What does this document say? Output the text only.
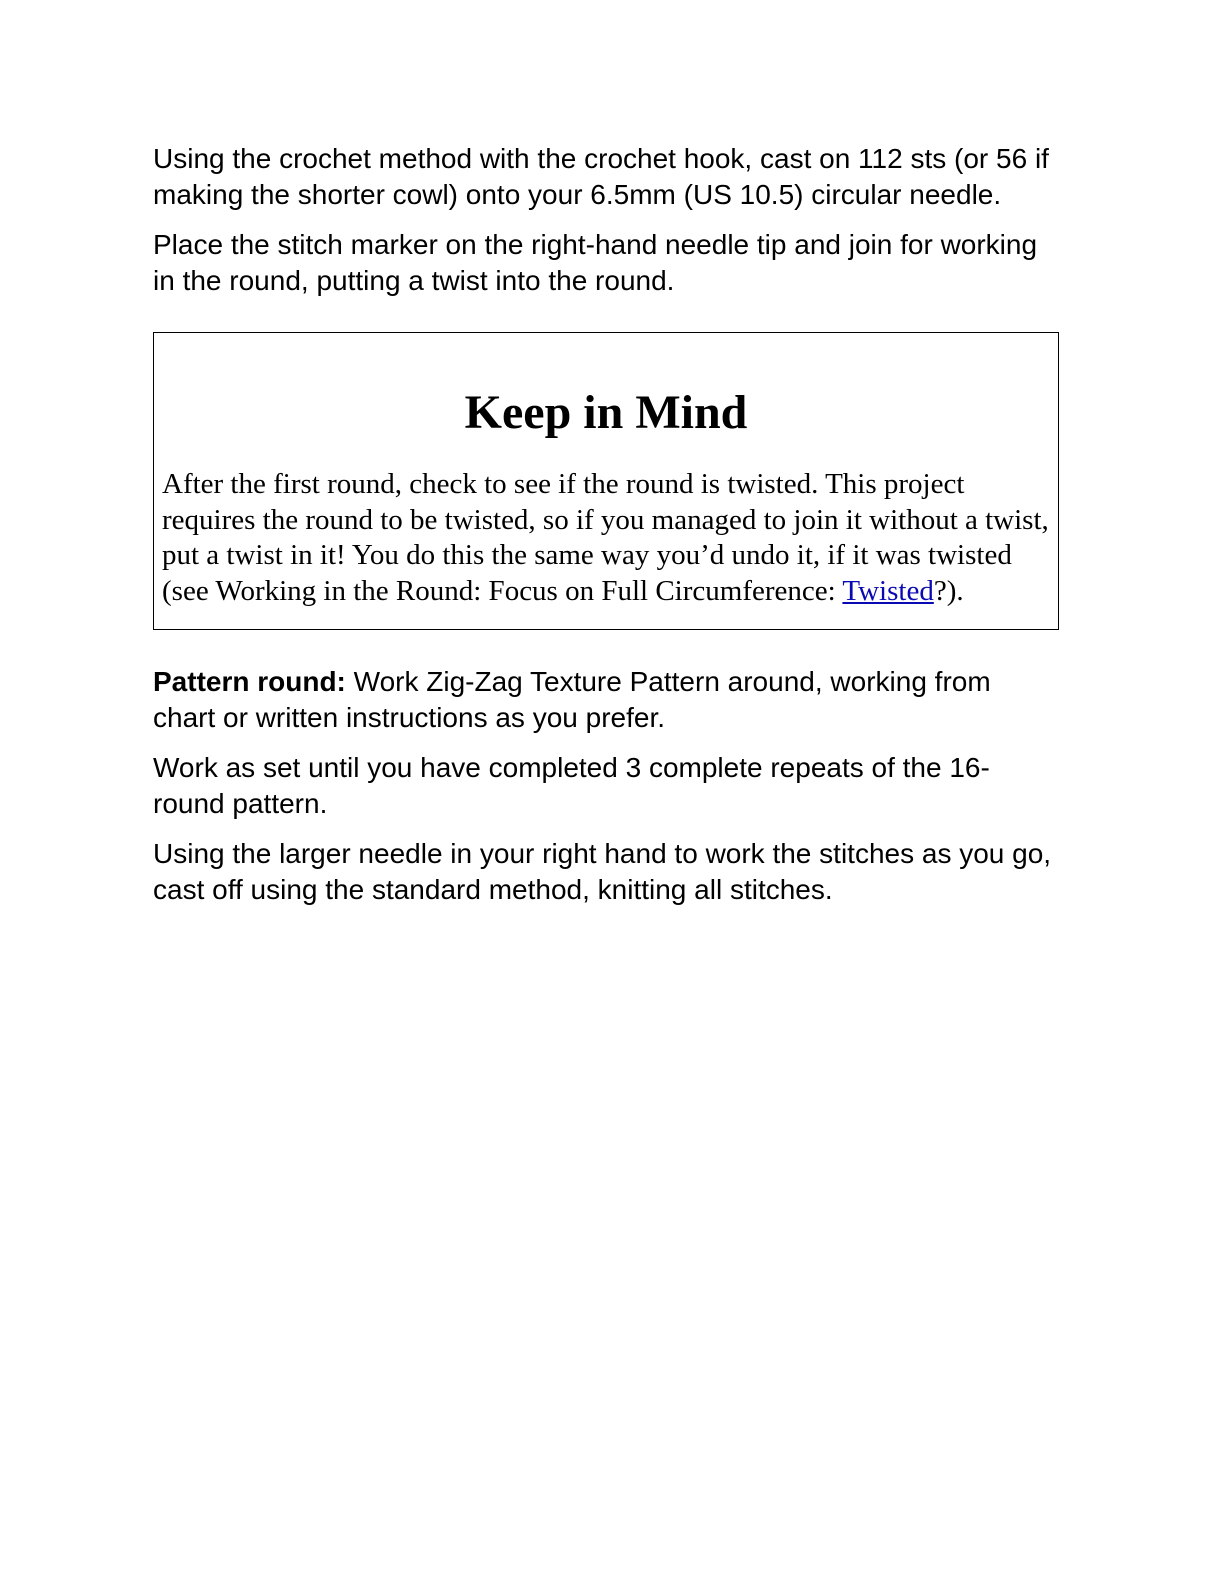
Using the crochet method with the crochet hook, cast on 112 sts (or 56 if making the shorter cowl) onto your 6.5mm (US 10.5) circular needle.

Place the stitch marker on the right-hand needle tip and join for working in the round, putting a twist into the round.

Keep in Mind

After the first round, check to see if the round is twisted. This project requires the round to be twisted, so if you managed to join it without a twist, put a twist in it! You do this the same way you’d undo it, if it was twisted (see Working in the Round: Focus on Full Circumference: Twisted?).

Pattern round: Work Zig-Zag Texture Pattern around, working from chart or written instructions as you prefer.

Work as set until you have completed 3 complete repeats of the 16-round pattern.

Using the larger needle in your right hand to work the stitches as you go, cast off using the standard method, knitting all stitches.
